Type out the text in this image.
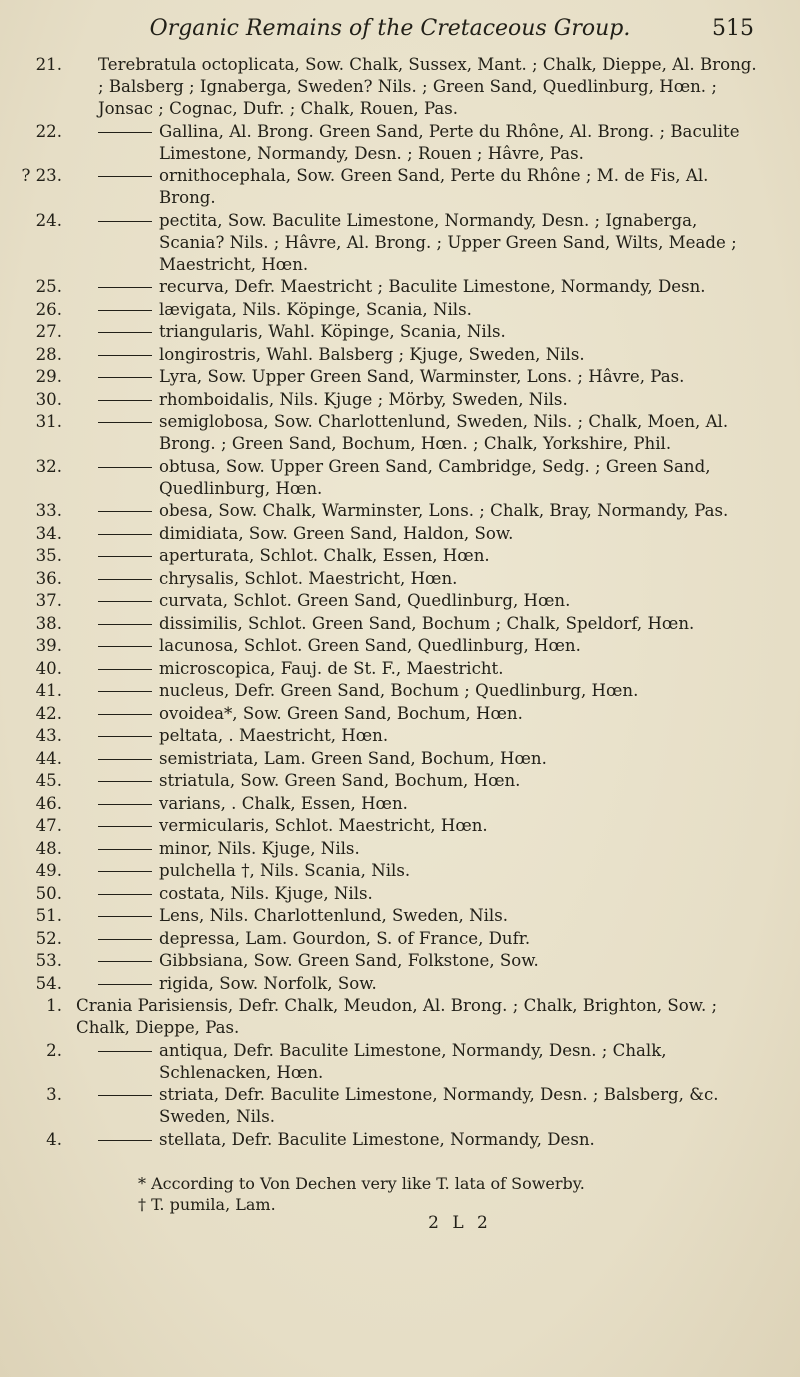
Organic Remains of the Cretaceous Group.	515
21. Terebratula octoplicata, Sow. Chalk, Sussex, Mant. ; Chalk, Dieppe, Al. Brong. ; Balsberg ; Ignaberga, Sweden? Nils. ; Green Sand, Quedlinburg, Hœn. ; Jonsac ; Cognac, Dufr. ; Chalk, Rouen, Pas.
22.	Gallina, Al. Brong. Green Sand, Perte du Rhône, Al. Brong. ; Baculite Limestone, Normandy, Desn. ; Rouen ; Hâvre, Pas.
? 23.	ornithocephala, Sow. Green Sand, Perte du Rhône ; M. de Fis, Al. Brong.
24.	pectita, Sow. Baculite Limestone, Normandy, Desn. ; Ignaberga, Scania? Nils. ; Hâvre, Al. Brong. ; Upper Green Sand, Wilts, Meade ; Maestricht, Hœn.
25.	recurva, Defr. Maestricht ; Baculite Limestone, Normandy, Desn.
26.	lævigata, Nils. Köpinge, Scania, Nils.
27.	triangularis, Wahl. Köpinge, Scania, Nils.
28.	longirostris, Wahl. Balsberg ; Kjuge, Sweden, Nils.
29.	Lyra, Sow. Upper Green Sand, Warminster, Lons. ; Hâvre, Pas.
30.	rhomboidalis, Nils. Kjuge ; Mörby, Sweden, Nils.
31.	semiglobosa, Sow. Charlottenlund, Sweden, Nils. ; Chalk, Moen, Al. Brong. ; Green Sand, Bochum, Hœn. ; Chalk, Yorkshire, Phil.
32.	obtusa, Sow. Upper Green Sand, Cambridge, Sedg. ; Green Sand, Quedlinburg, Hœn.
33.	obesa, Sow. Chalk, Warminster, Lons. ; Chalk, Bray, Normandy, Pas.
34.	dimidiata, Sow. Green Sand, Haldon, Sow.
35.	aperturata, Schlot. Chalk, Essen, Hœn.
36.	chrysalis, Schlot. Maestricht, Hœn.
37.	curvata, Schlot. Green Sand, Quedlinburg, Hœn.
38.	dissimilis, Schlot. Green Sand, Bochum ; Chalk, Speldorf, Hœn.
39.	lacunosa, Schlot. Green Sand, Quedlinburg, Hœn.
40.	microscopica, Fauj. de St. F., Maestricht.
41.	nucleus, Defr. Green Sand, Bochum ; Quedlinburg, Hœn.
42.	ovoidea*, Sow. Green Sand, Bochum, Hœn.
43.	peltata, . Maestricht, Hœn.
44.	semistriata, Lam. Green Sand, Bochum, Hœn.
45.	striatula, Sow. Green Sand, Bochum, Hœn.
46.	varians, . Chalk, Essen, Hœn.
47.	vermicularis, Schlot. Maestricht, Hœn.
48.	minor, Nils. Kjuge, Nils.
49.	pulchella †, Nils. Scania, Nils.
50.	costata, Nils. Kjuge, Nils.
51.	Lens, Nils. Charlottenlund, Sweden, Nils.
52.	depressa, Lam. Gourdon, S. of France, Dufr.
53.	Gibbsiana, Sow. Green Sand, Folkstone, Sow.
54.	rigida, Sow. Norfolk, Sow.
1. Crania Parisiensis, Defr. Chalk, Meudon, Al. Brong. ; Chalk, Brighton, Sow. ; Chalk, Dieppe, Pas.
2.	antiqua, Defr. Baculite Limestone, Normandy, Desn. ; Chalk, Schlenacken, Hœn.
3.	striata, Defr. Baculite Limestone, Normandy, Desn. ; Balsberg, &c. Sweden, Nils.
4.	stellata, Defr. Baculite Limestone, Normandy, Desn.
* According to Von Dechen very like T. lata of Sowerby.
† T. pumila, Lam.
2 L 2
